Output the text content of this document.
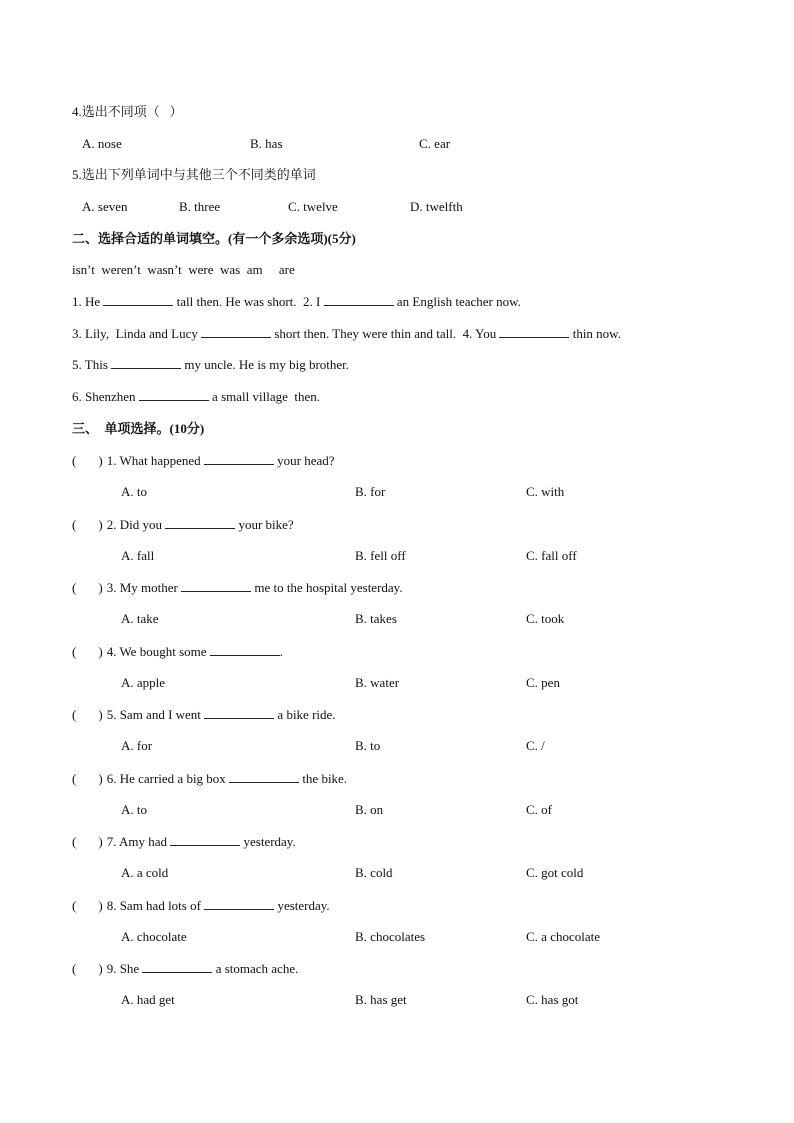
4.选出不同项（   ）
A. nose	B. has	C. ear
5.选出下列单词中与其他三个不同类的单词
A. seven	B. three	C. twelve	D. twelfth
二、选择合适的单词填空。(有一个多余选项)(5分)
isn’t  weren’t  wasn’t  were  was  am     are
1. He	tall then. He was short.  2. I	an English teacher now.
3. Lily,  Linda and Lucy	short then. They were thin and tall.  4. You	thin now.
5. This	my uncle. He is my big brother.
6. Shenzhen	a small village  then.
三、  单项选择。(10分)
( ) 1. What happened	your head?
A. to	B. for	C. with
( ) 2. Did you	your bike?
A. fall	B. fell off	C. fall off
( ) 3. My mother	me to the hospital yesterday.
A. take	B. takes	C. took
( ) 4. We bought some	.
A. apple	B. water	C. pen
( ) 5. Sam and I went	a bike ride.
A. for	B. to	C. /
( ) 6. He carried a big box	the bike.
A. to	B. on	C. of
( ) 7. Amy had	yesterday.
A. a cold	B. cold	C. got cold
( ) 8. Sam had lots of	yesterday.
A. chocolate	B. chocolates	C. a chocolate
( ) 9. She	a stomach ache.
A. had get	B. has get	C. has got
